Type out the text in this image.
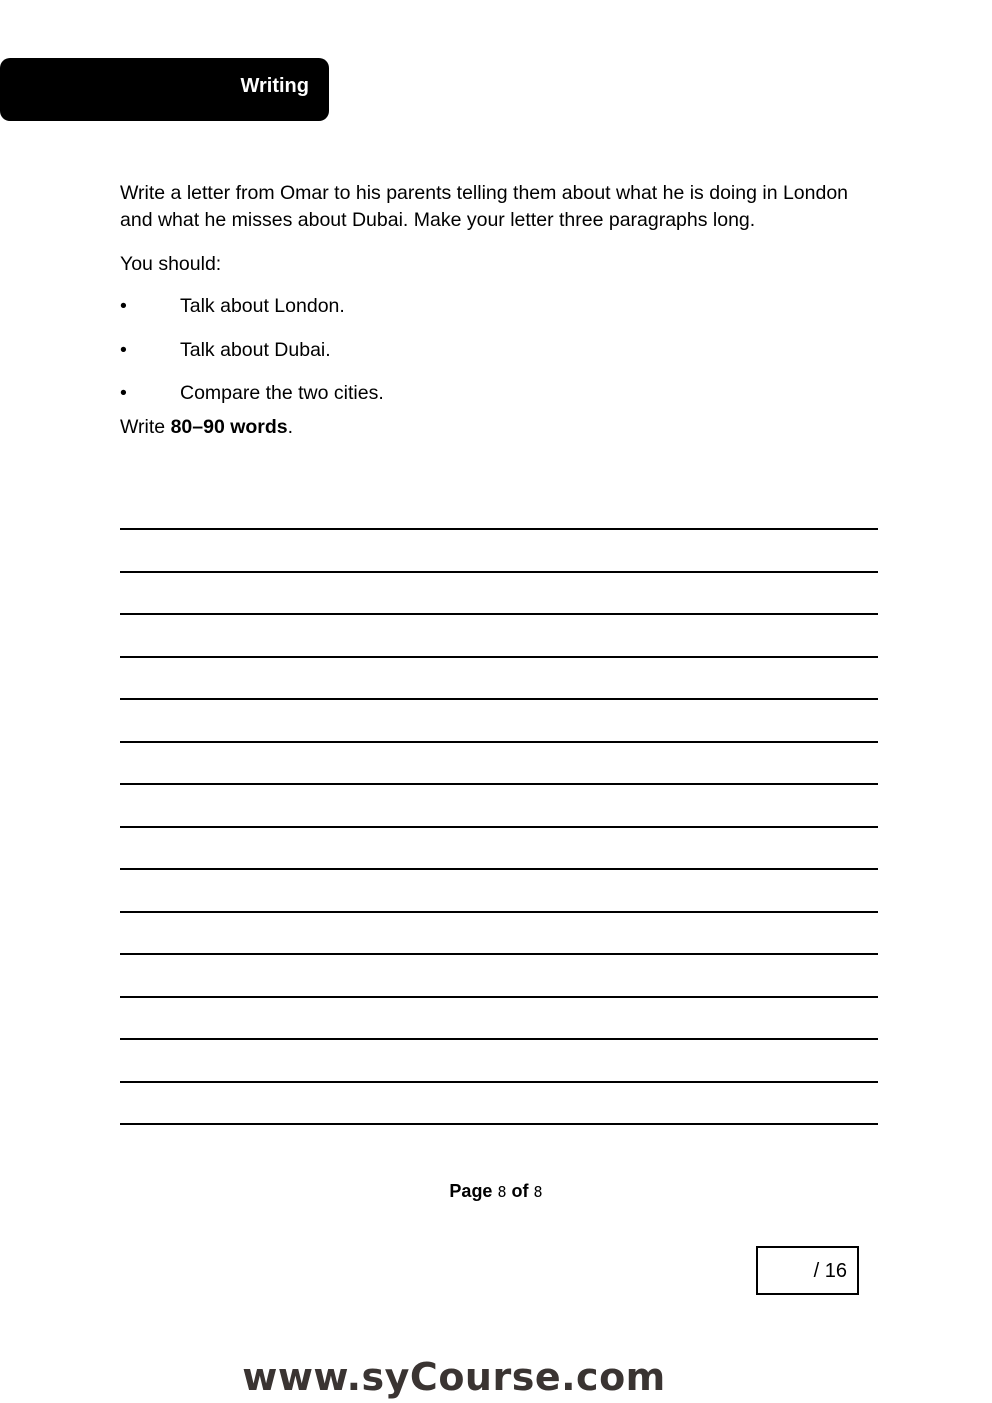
Writing

Write a letter from Omar to his parents telling them about what he is doing in London and what he misses about Dubai. Make your letter three paragraphs long.

You should:

•	Talk about London.
•	Talk about Dubai.
•	Compare the two cities.

Write 80–90 words.

Page 8 of 8
/ 16
www.syCourse.com
